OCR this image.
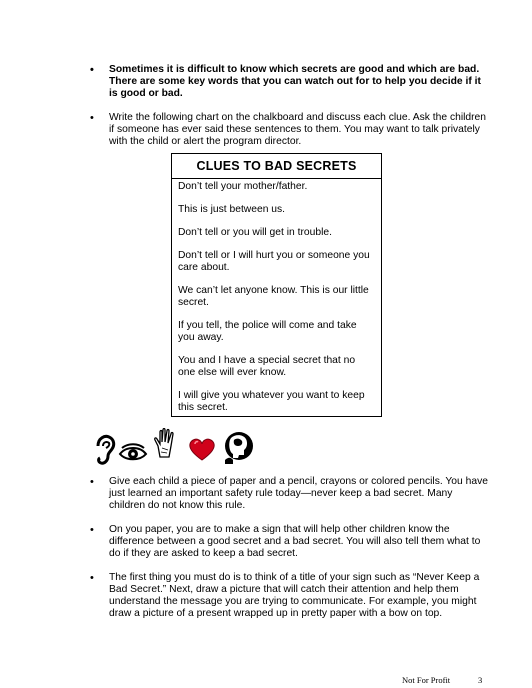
• Sometimes it is difficult to know which secrets are good and which are bad. There are some key words that you can watch out for to help you decide if it is good or bad.
• Write the following chart on the chalkboard and discuss each clue. Ask the children if someone has ever said these sentences to them. You may want to talk privately with the child or alert the program director.
CLUES TO BAD SECRETS
Don’t tell your mother/father.
This is just between us.
Don’t tell or you will get in trouble.
Don’t tell or I will hurt you or someone you care about.
We can’t let anyone know. This is our little secret.
If you tell, the police will come and take you away.
You and I have a special secret that no one else will ever know.
I will give you whatever you want to keep this secret.
• Give each child a piece of paper and a pencil, crayons or colored pencils. You have just learned an important safety rule today—never keep a bad secret. Many children do not know this rule.
• On you paper, you are to make a sign that will help other children know the difference between a good secret and a bad secret. You will also tell them what to do if they are asked to keep a bad secret.
• The first thing you must do is to think of a title of your sign such as “Never Keep a Bad Secret.” Next, draw a picture that will catch their attention and help them understand the message you are trying to communicate. For example, you might draw a picture of a present wrapped up in pretty paper with a bow on top.
Not For Profit	3
